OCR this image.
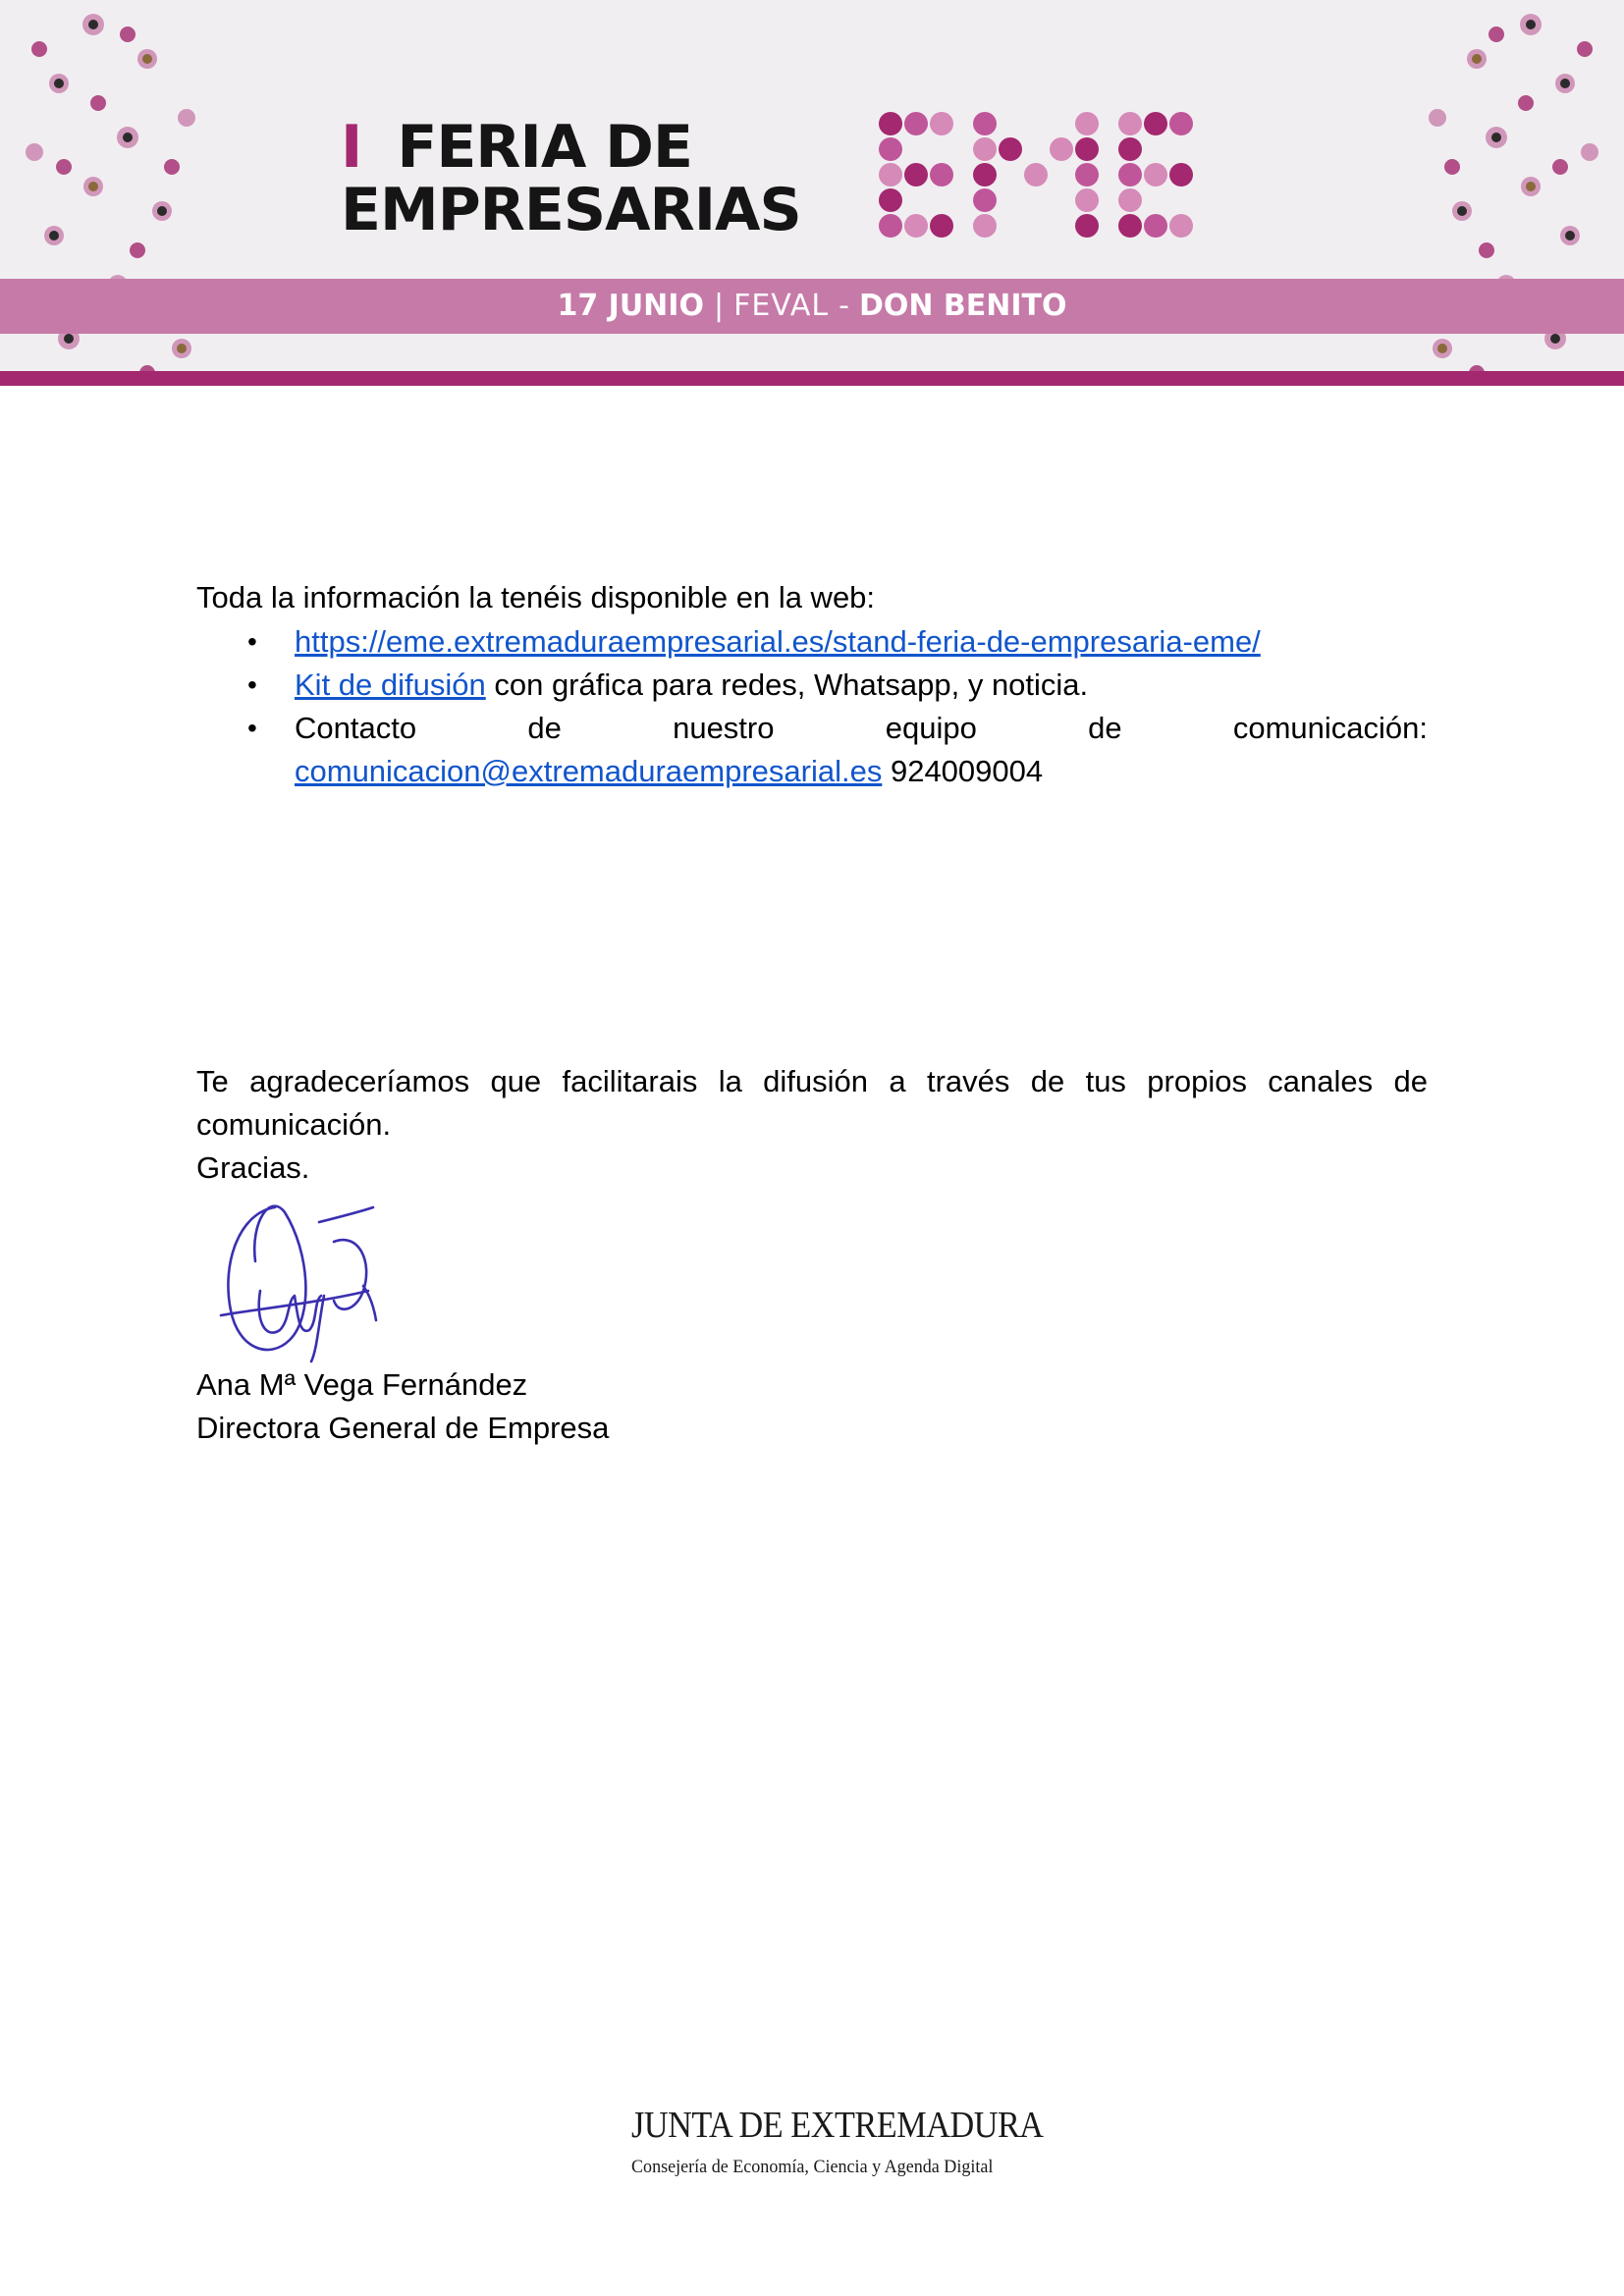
I FERIA DE
EMPRESARIAS
17 JUNIO | FEVAL - DON BENITO
Toda la información la tenéis disponible en la web:
• https://eme.extremaduraempresarial.es/stand-feria-de-empresaria-eme/
• Kit de difusión con gráfica para redes, Whatsapp, y noticia.
• Contacto de nuestro equipo de comunicación:
comunicacion@extremaduraempresarial.es 924009004
Te agradeceríamos que facilitarais la difusión a través de tus propios canales de comunicación.
Gracias.
Ana Mª Vega Fernández
Directora General de Empresa
JUNTA DE EXTREMADURA
Consejería de Economía, Ciencia y Agenda Digital
